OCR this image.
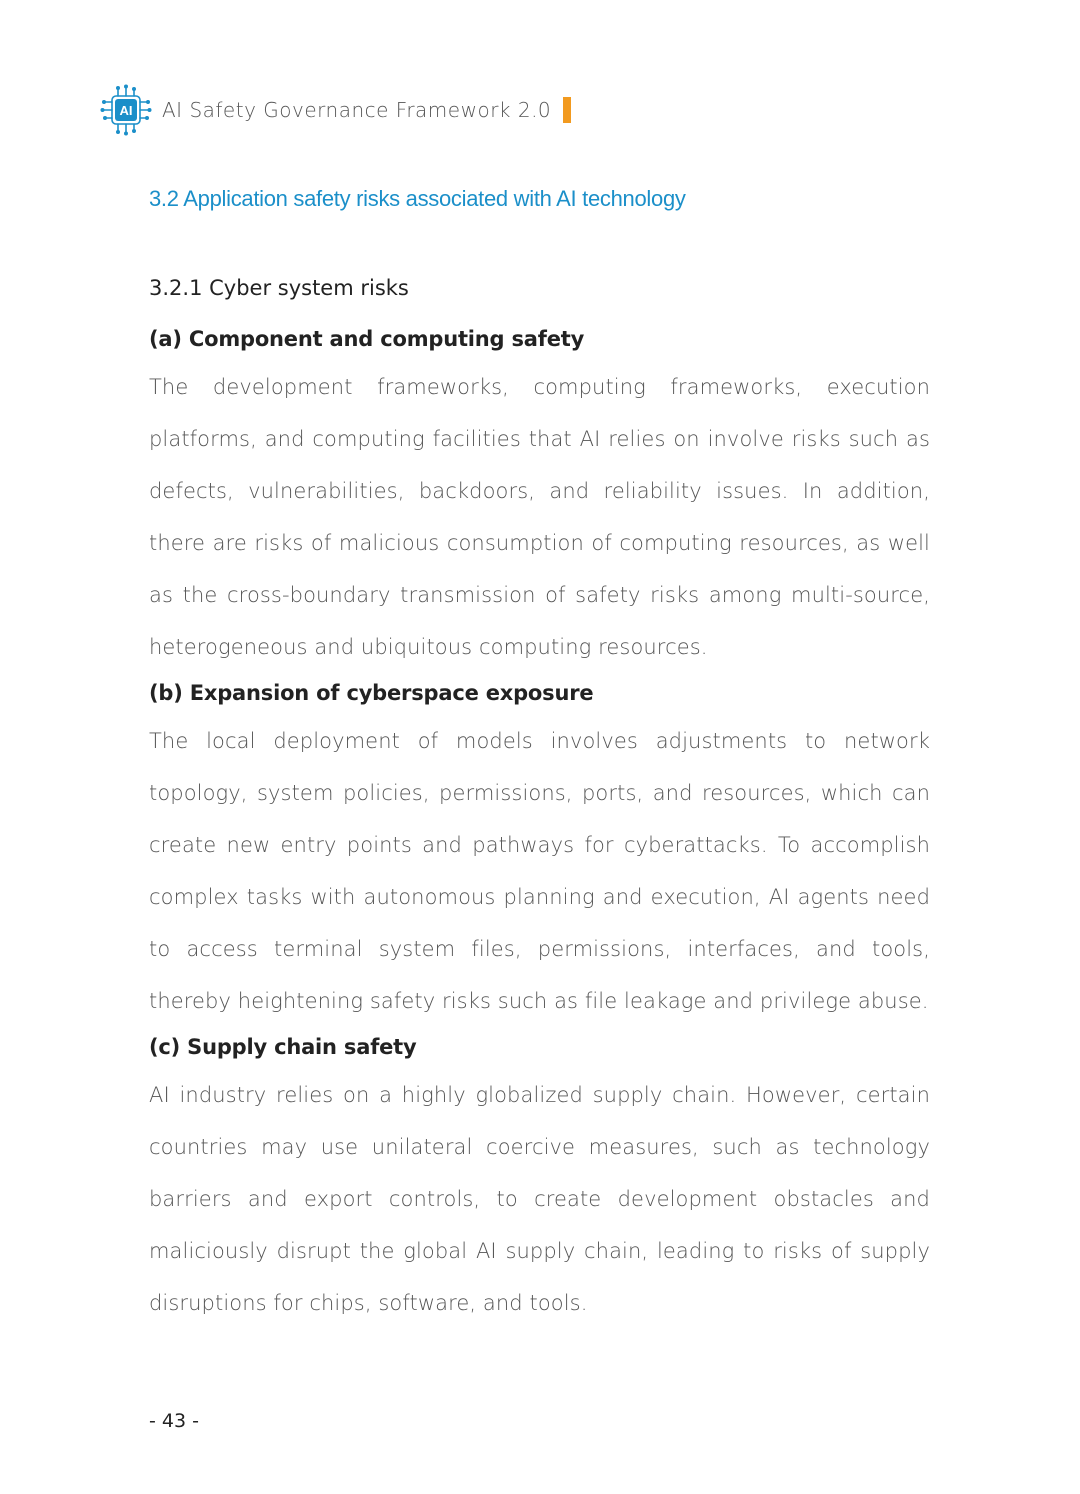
AI AI Safety Governance Framework 2.0
3.2 Application safety risks associated with AI technology

3.2.1 Cyber system risks

(a) Component and computing safety

The development frameworks, computing frameworks, execution platforms, and computing facilities that AI relies on involve risks such as defects, vulnerabilities, backdoors, and reliability issues. In addition, there are risks of malicious consumption of computing resources, as well as the cross-boundary transmission of safety risks among multi-source, heterogeneous and ubiquitous computing resources.

(b) Expansion of cyberspace exposure

The local deployment of models involves adjustments to network topology, system policies, permissions, ports, and resources, which can create new entry points and pathways for cyberattacks. To accomplish complex tasks with autonomous planning and execution, AI agents need to access terminal system files, permissions, interfaces, and tools, thereby heightening safety risks such as file leakage and privilege abuse.

(c) Supply chain safety

AI industry relies on a highly globalized supply chain. However, certain countries may use unilateral coercive measures, such as technology barriers and export controls, to create development obstacles and maliciously disrupt the global AI supply chain, leading to risks of supply disruptions for chips, software, and tools.

- 43 -
